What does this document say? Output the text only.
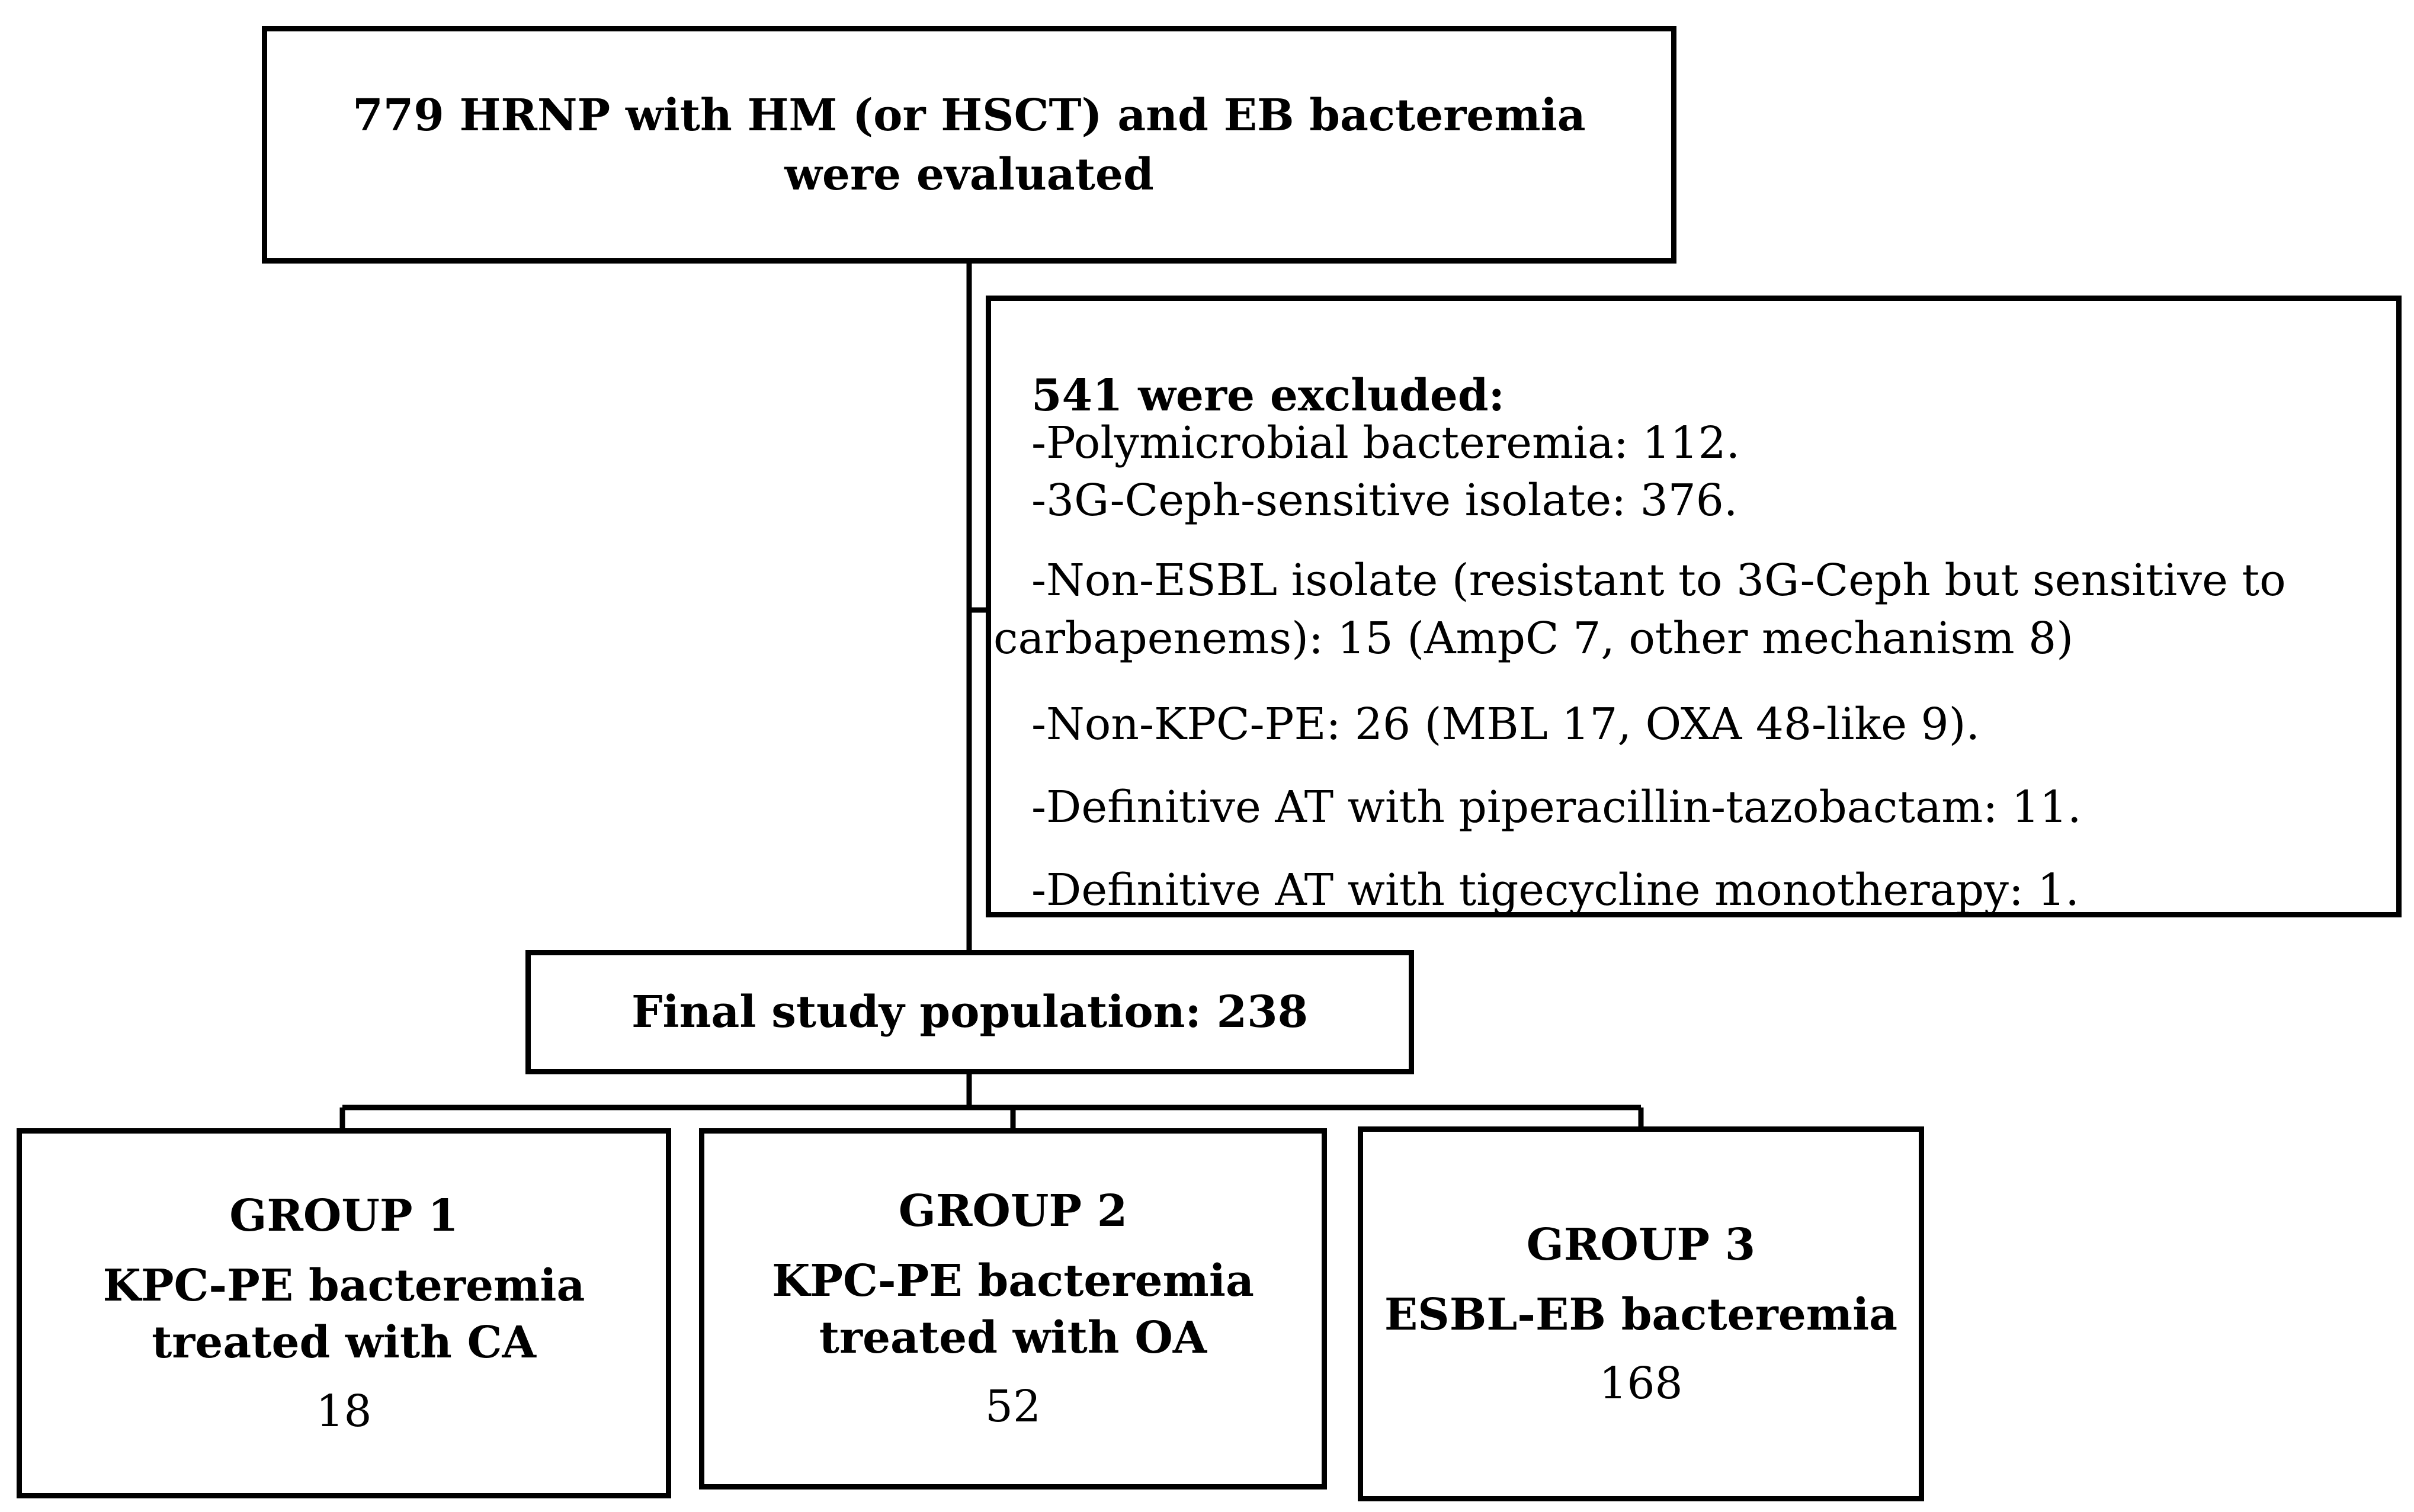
779 HRNP with HM (or HSCT) and EB bacteremia were evaluated
541 were excluded:
-Polymicrobial bacteremia: 112.
-3G-Ceph-sensitive isolate: 376.
-Non-ESBL isolate (resistant to 3G-Ceph but sensitive to
carbapenems): 15 (AmpC 7, other mechanism 8)
-Non-KPC-PE: 26 (MBL 17, OXA 48-like 9).
-Definitive AT with piperacillin-tazobactam: 11.
-Definitive AT with tigecycline monotherapy: 1.
Final study population: 238
GROUP 1
KPC-PE bacteremia treated with CA
18
GROUP 2
KPC-PE bacteremia treated with OA
52
GROUP 3
ESBL-EB bacteremia
168
